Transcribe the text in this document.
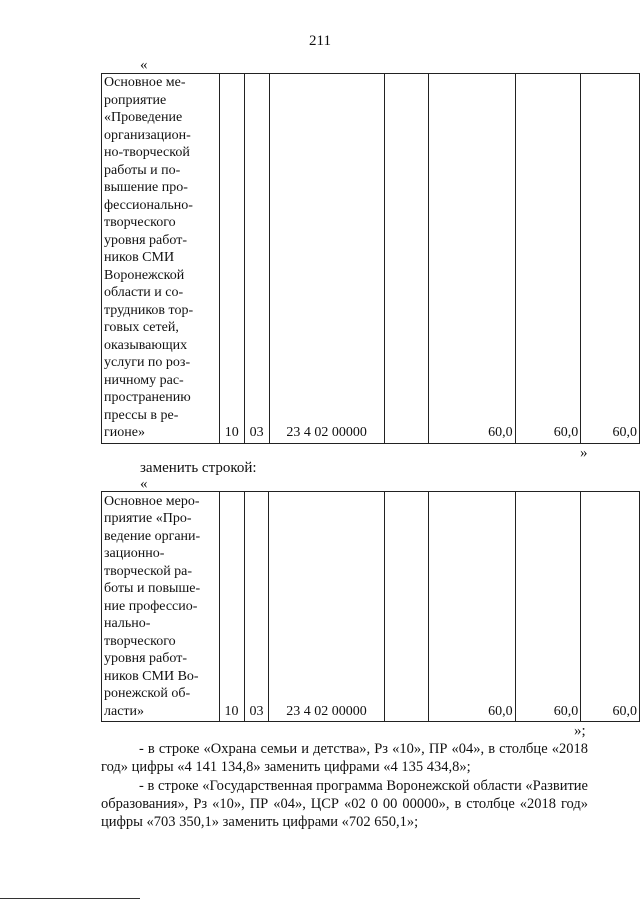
211
«
Основное ме-
роприятие
«Проведение
организацион-
но-творческой
работы и по-
вышение про-
фессионально-
творческого
уровня работ-
ников СМИ
Воронежской
области и со-
трудников тор-
говых сетей,
оказывающих
услуги по роз-
ничному рас-
пространению
прессы в ре-
гионе»	10	03	23 4 02 00000		60,0	60,0	60,0
»
заменить строкой:
«
Основное меро-
приятие «Про-
ведение органи-
зационно-
творческой ра-
боты и повыше-
ние профессио-
нально-
творческого
уровня работ-
ников СМИ Во-
ронежской об-
ласти»	10	03	23 4 02 00000		60,0	60,0	60,0
»;

- в строке «Охрана семьи и детства», Рз «10», ПР «04», в столбце «2018 год» цифры «4 141 134,8» заменить цифрами «4 135 434,8»;

- в строке «Государственная программа Воронежской области «Развитие образования», Рз «10», ПР «04», ЦСР «02 0 00 00000», в столбце «2018 год» цифры «703 350,1» заменить цифрами «702 650,1»;
